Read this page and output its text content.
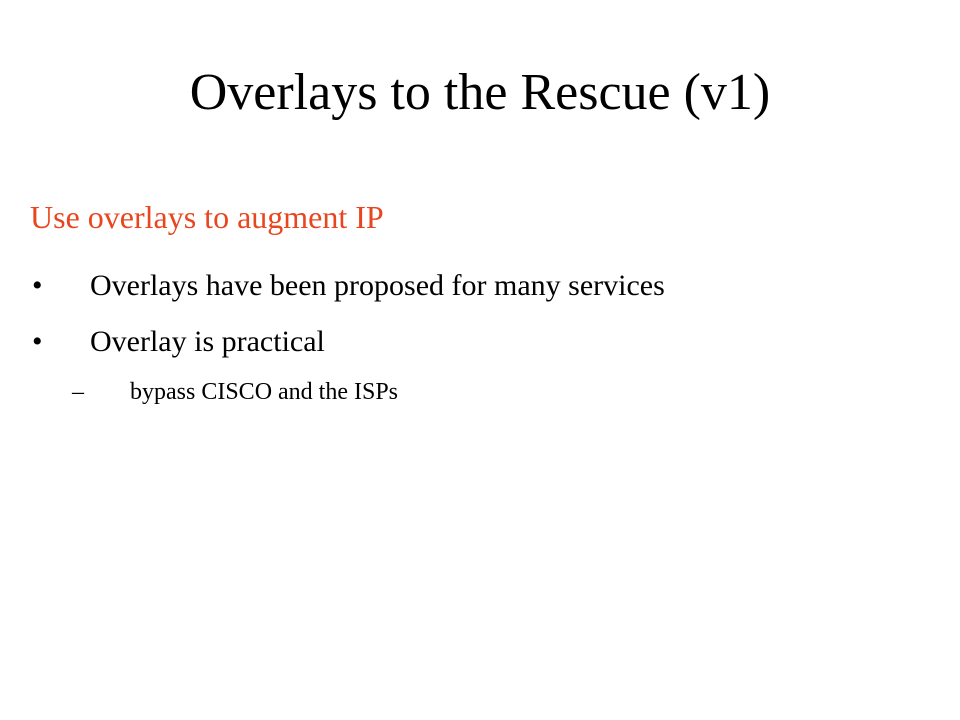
Overlays to the Rescue (v1)
Use overlays to augment IP
•	Overlays have been proposed for many services
•	Overlay is practical
–	bypass CISCO and the ISPs
